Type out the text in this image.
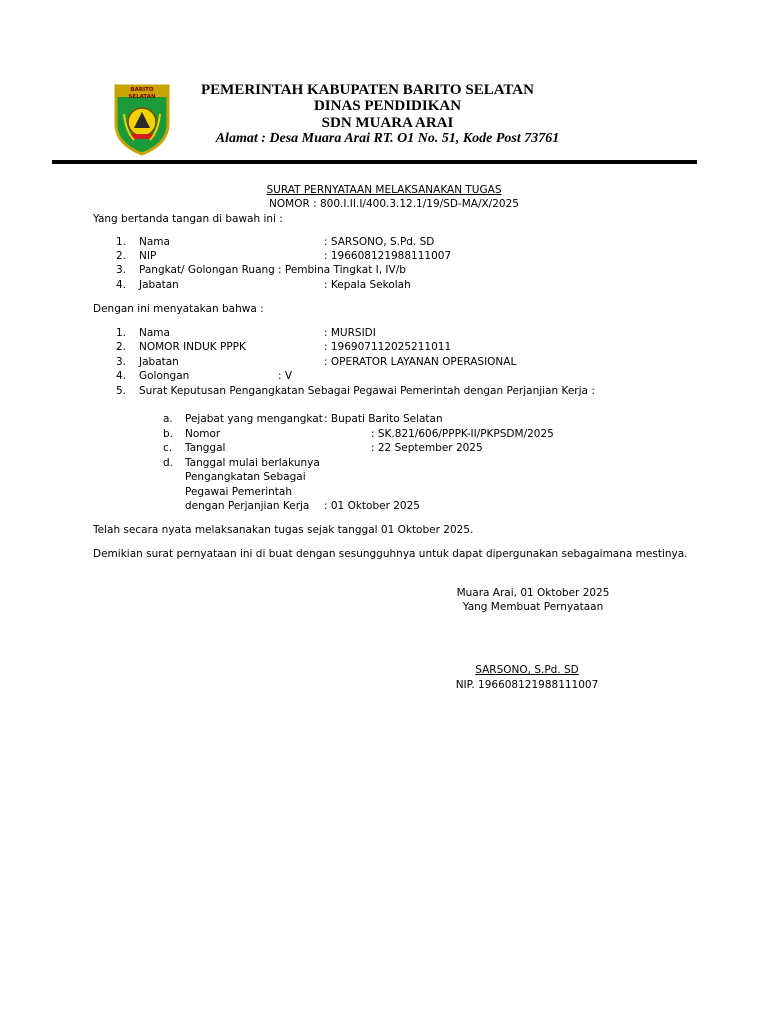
BARITO SELATAN	PEMERINTAH KABUPATEN BARITO SELATAN
DINAS PENDIDIKAN
SDN MUARA ARAI
Alamat : Desa Muara Arai RT. O1 No. 51, Kode Post 73761
SURAT PERNYATAAN MELAKSANAKAN TUGAS
NOMOR : 800.I.II.I/400.3.12.1/19/SD-MA/X/2025
Yang bertanda tangan di bawah ini :
1. Nama	: SARSONO, S.Pd. SD
2. NIP	: 196608121988111007
3. Pangkat/ Golongan Ruang : Pembina Tingkat I, IV/b
4. Jabatan	: Kepala Sekolah
Dengan ini menyatakan bahwa :
1. Nama	: MURSIDI
2. NOMOR INDUK PPPK	: 196907112025211011
3. Jabatan	: OPERATOR LAYANAN OPERASIONAL
4. Golongan	: V
5. Surat Keputusan Pengangkatan Sebagai Pegawai Pemerintah dengan Perjanjian Kerja :
a. Pejabat yang mengangkat : Bupati Barito Selatan
b. Nomor	: SK.821/606/PPPK-II/PKPSDM/2025
c. Tanggal	: 22 September 2025
d. Tanggal mulai berlakunya
Pengangkatan Sebagai
Pegawai Pemerintah
dengan Perjanjian Kerja : 01 Oktober 2025
Telah secara nyata melaksanakan tugas sejak tanggal 01 Oktober 2025.
Demikian surat pernyataan ini di buat dengan sesungguhnya untuk dapat dipergunakan sebagaimana mestinya.
Muara Arai, 01 Oktober 2025
Yang Membuat Pernyataan
SARSONO, S.Pd. SD
NIP. 196608121988111007
